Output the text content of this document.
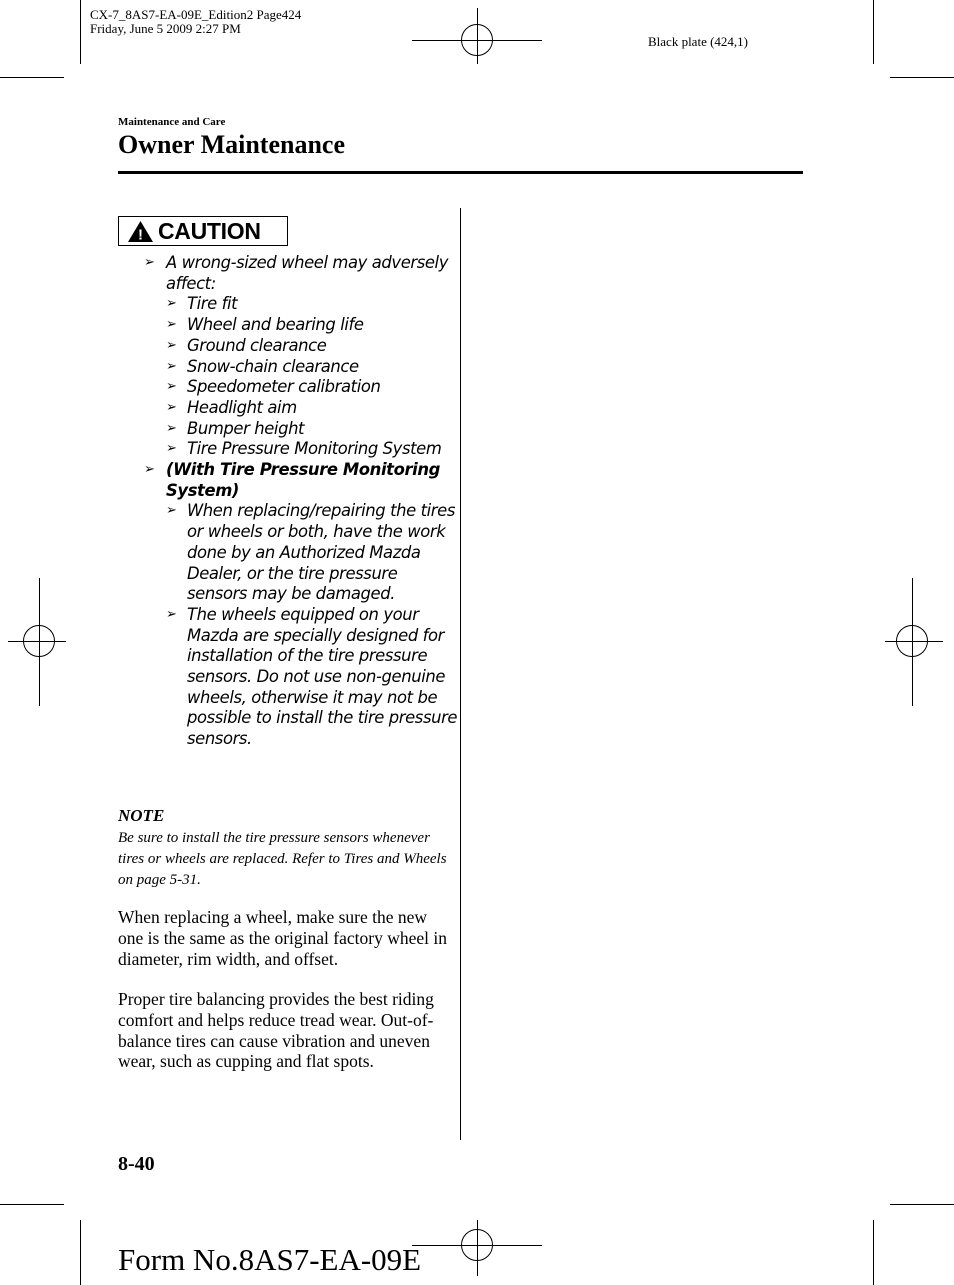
CX-7_8AS7-EA-09E_Edition2 Page424
Friday, June 5 2009 2:27 PM
Black plate (424,1)
Maintenance and Care
Owner Maintenance
! CAUTION
➢ A wrong-sized wheel may adversely affect:
➢ Tire fit
➢ Wheel and bearing life
➢ Ground clearance
➢ Snow-chain clearance
➢ Speedometer calibration
➢ Headlight aim
➢ Bumper height
➢ Tire Pressure Monitoring System
➢ (With Tire Pressure Monitoring System)
➢ When replacing/repairing the tires or wheels or both, have the work done by an Authorized Mazda Dealer, or the tire pressure sensors may be damaged.
➢ The wheels equipped on your Mazda are specially designed for installation of the tire pressure sensors. Do not use non-genuine wheels, otherwise it may not be possible to install the tire pressure sensors.
NOTE
Be sure to install the tire pressure sensors whenever tires or wheels are replaced. Refer to Tires and Wheels on page 5-31.
When replacing a wheel, make sure the new one is the same as the original factory wheel in diameter, rim width, and offset.
Proper tire balancing provides the best riding comfort and helps reduce tread wear. Out-of-balance tires can cause vibration and uneven wear, such as cupping and flat spots.
8-40
Form No.8AS7-EA-09E
